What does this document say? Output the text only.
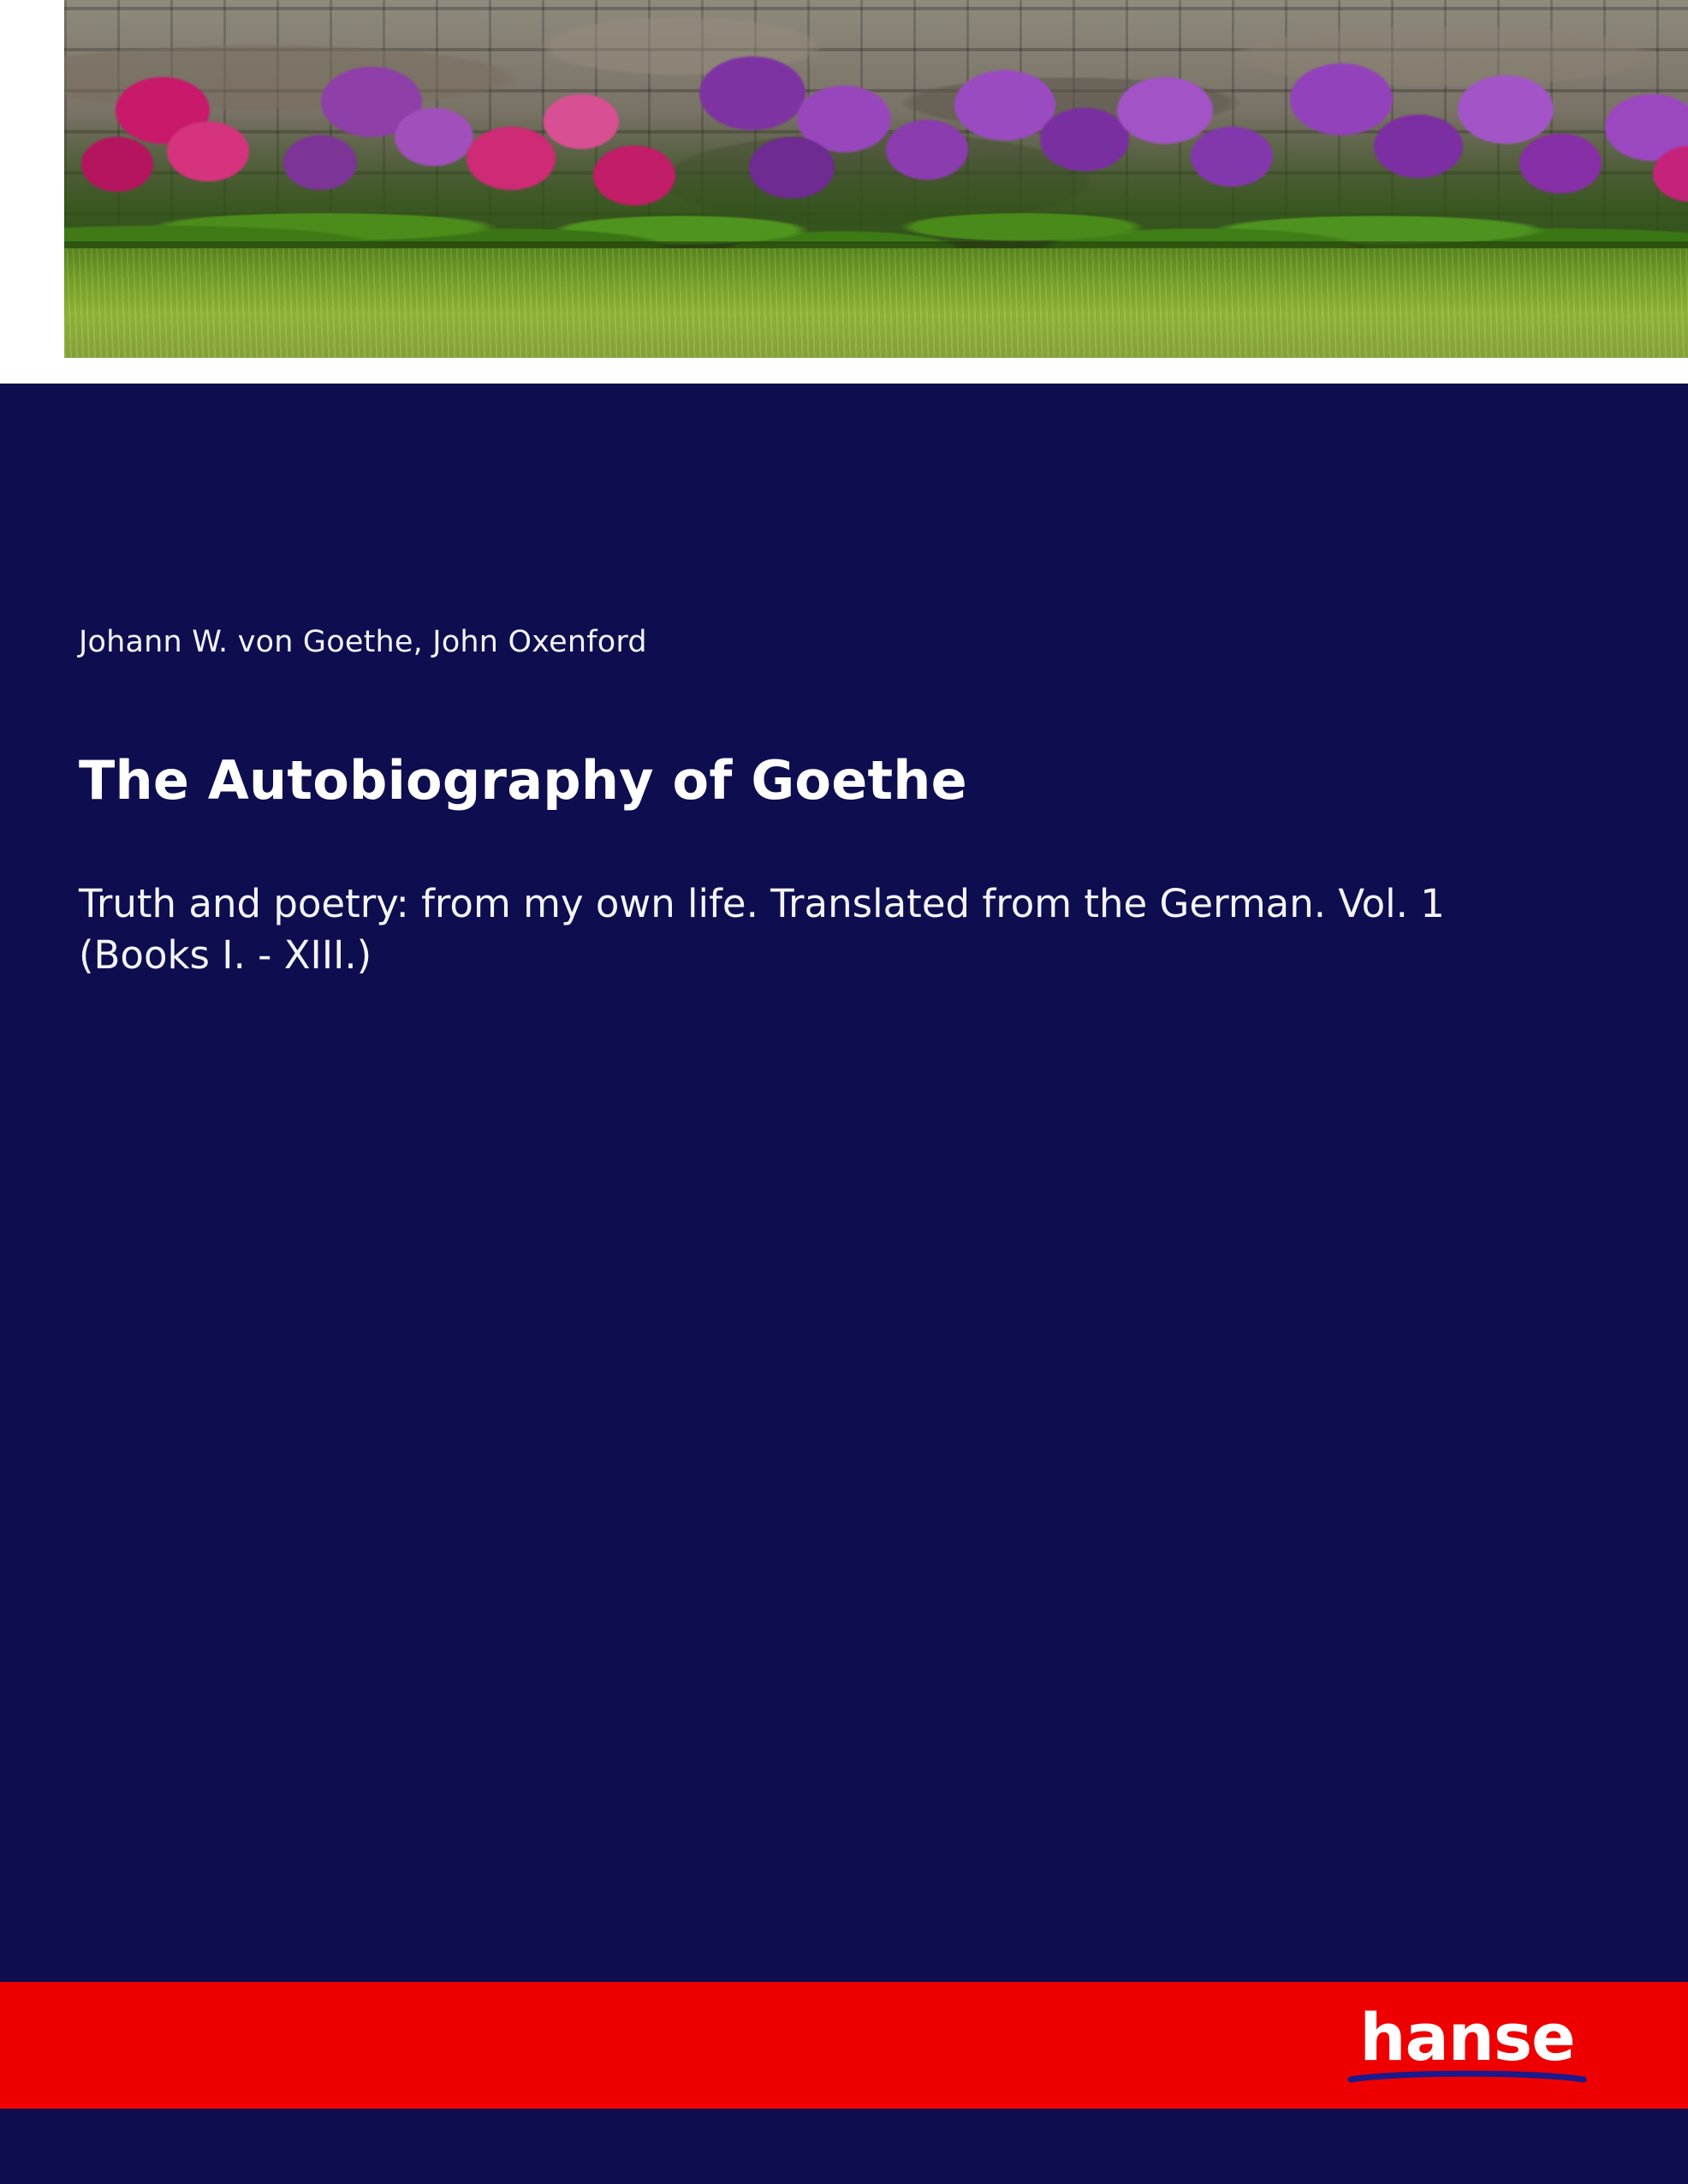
Johann W. von Goethe, John Oxenford

The Autobiography of Goethe

Truth and poetry: from my own life. Translated from the German. Vol. 1 (Books I. - XIII.)

hanse
